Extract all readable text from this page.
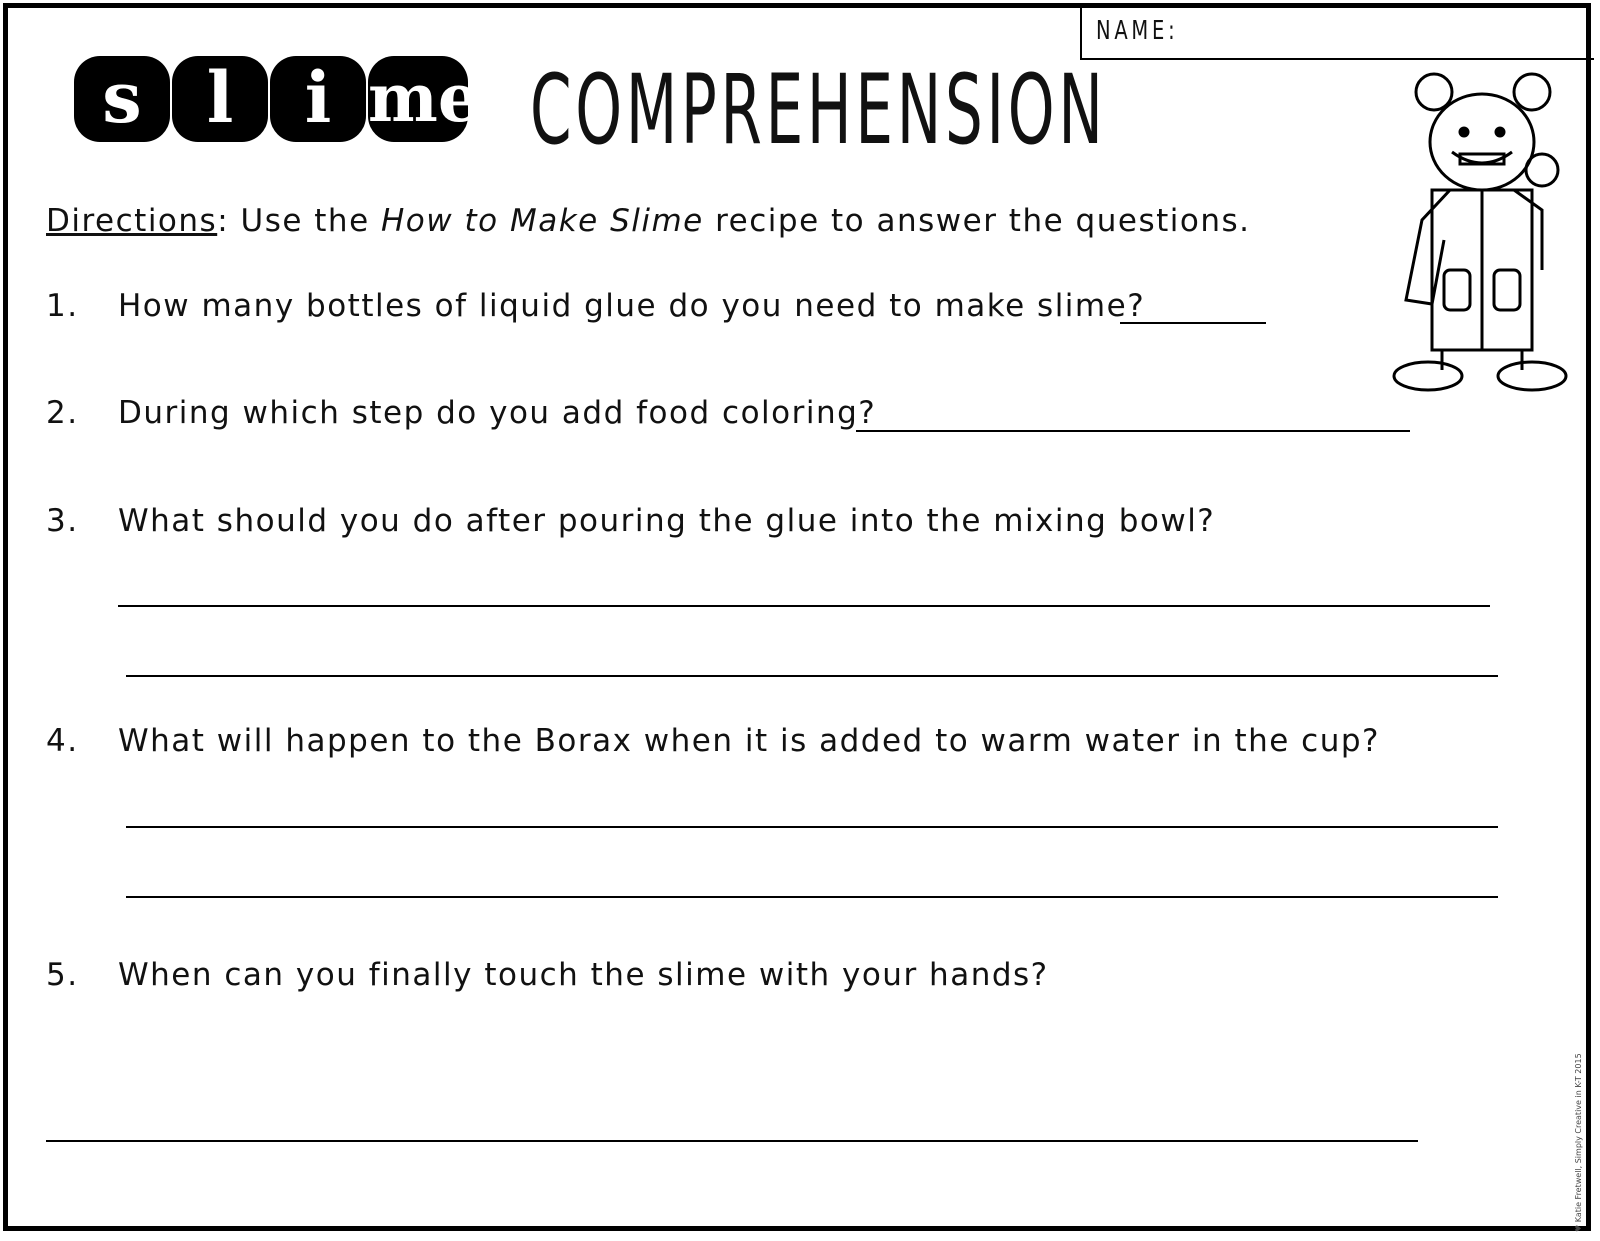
NAME:
s l	i me COMPREHENSION
Directions: Use the How to Make Slime recipe to answer the questions.
1. How many bottles of liquid glue do you need to make slime?
2. During which step do you add food coloring?
3. What should you do after pouring the glue into the mixing bowl?
4. What will happen to the Borax when it is added to warm water in the cup?
5. When can you finally touch the slime with your hands?
♥ Katie Fretwell, Simply Creative in K-T 2015
